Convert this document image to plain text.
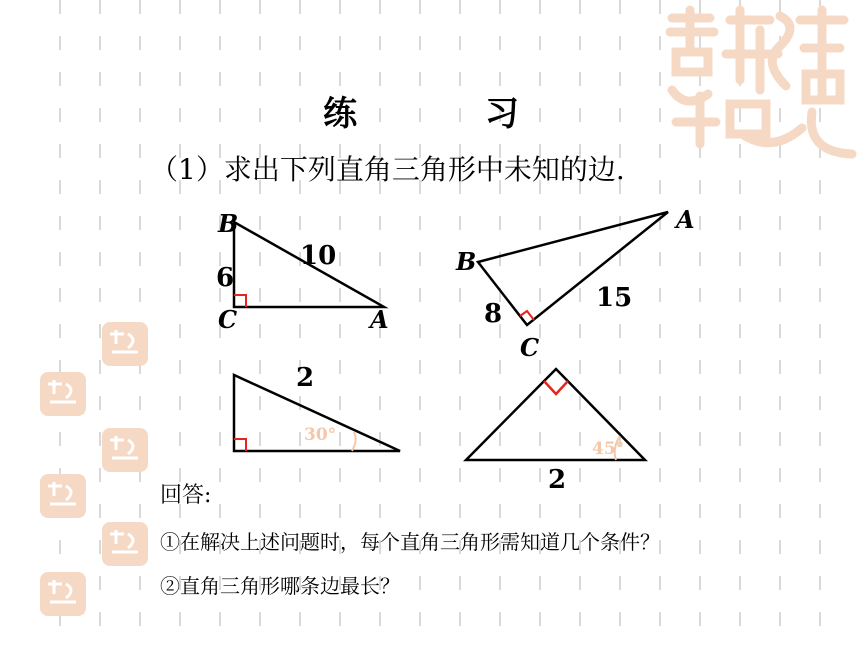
B
C	A
6
10	B
C
A
8
15
2
30°
2
45°
练 习
（1）求出下列直角三角形中未知的边.
回答:
①在解决上述问题时，每个直角三角形需知道几个条件？
②直角三角形哪条边最长？
